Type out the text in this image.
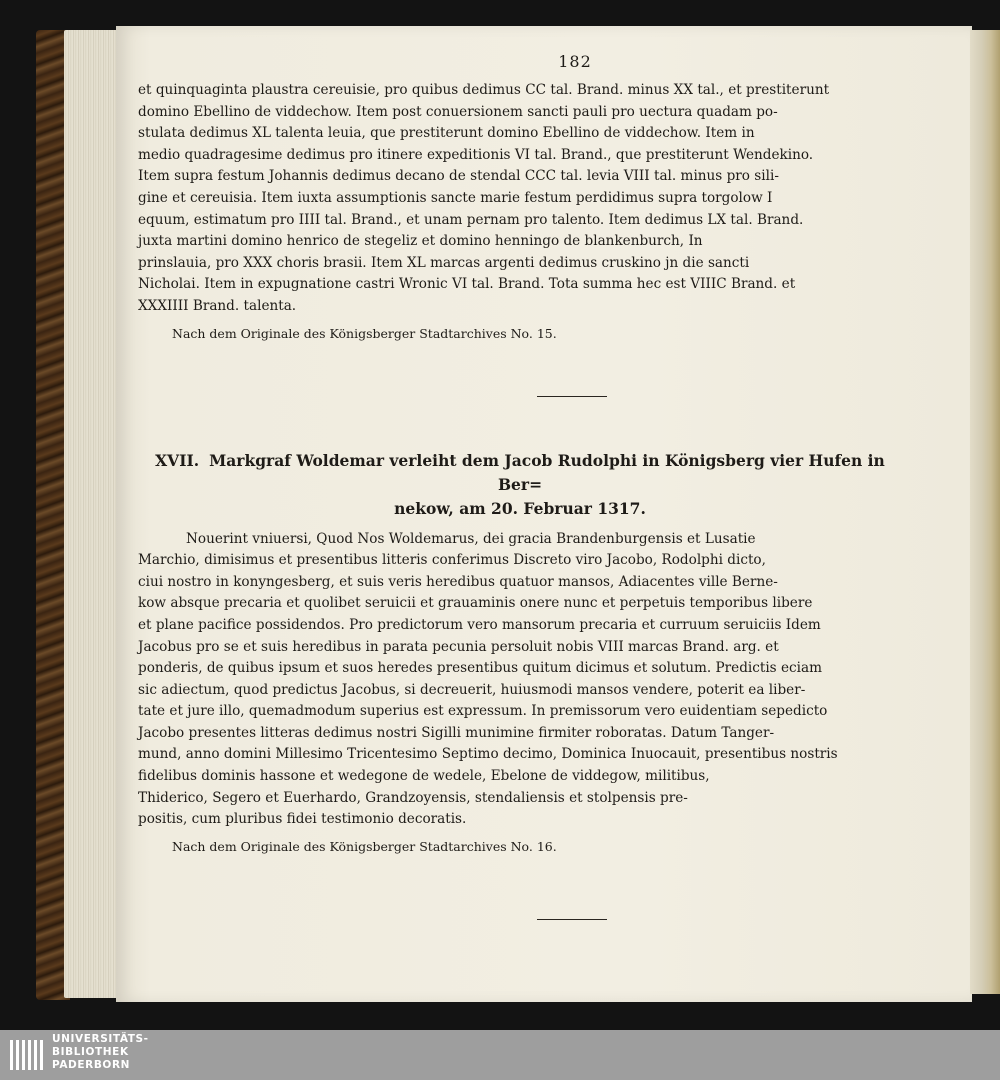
182
et quinquaginta plaustra cereuisie, pro quibus dedimus CC tal. Brand. minus XX tal., et prestiterunt
domino Ebellino de viddechow. Item post conuersionem sancti pauli pro uectura quadam po-
stulata dedimus XL talenta leuia, que prestiterunt domino Ebellino de viddechow. Item in
medio quadragesime dedimus pro itinere expeditionis VI tal. Brand., que prestiterunt Wendekino.
Item supra festum Johannis dedimus decano de stendal CCC tal. levia VIII tal. minus pro sili-
gine et cereuisia. Item iuxta assumptionis sancte marie festum perdidimus supra torgolow I
equum, estimatum pro IIII tal. Brand., et unam pernam pro talento. Item dedimus LX tal. Brand.
juxta martini domino henrico de stegeliz et domino henningo de blankenburch, In
prinslauia, pro XXX choris brasii. Item XL marcas argenti dedimus cruskino jn die sancti
Nicholai. Item in expugnatione castri Wronic VI tal. Brand. Tota summa hec est VIIIC Brand. et
XXXIIII Brand. talenta.
Nach dem Originale des Königsberger Stadtarchives No. 15.
XVII. Markgraf Woldemar verleiht dem Jacob Rudolphi in Königsberg vier Hufen in Ber=
nekow, am 20. Februar 1317.
Nouerint vniuersi, Quod Nos Woldemarus, dei gracia Brandenburgensis et Lusatie
Marchio, dimisimus et presentibus litteris conferimus Discreto viro Jacobo, Rodolphi dicto,
ciui nostro in konyngesberg, et suis veris heredibus quatuor mansos, Adiacentes ville Berne-
kow absque precaria et quolibet seruicii et grauaminis onere nunc et perpetuis temporibus libere
et plane pacifice possidendos. Pro predictorum vero mansorum precaria et curruum seruiciis Idem
Jacobus pro se et suis heredibus in parata pecunia persoluit nobis VIII marcas Brand. arg. et
ponderis, de quibus ipsum et suos heredes presentibus quitum dicimus et solutum. Predictis eciam
sic adiectum, quod predictus Jacobus, si decreuerit, huiusmodi mansos vendere, poterit ea liber-
tate et jure illo, quemadmodum superius est expressum. In premissorum vero euidentiam sepedicto
Jacobo presentes litteras dedimus nostri Sigilli munimine firmiter roboratas. Datum Tanger-
mund, anno domini Millesimo Tricentesimo Septimo decimo, Dominica Inuocauit, presentibus nostris
fidelibus dominis hassone et wedegone de wedele, Ebelone de viddegow, militibus,
Thiderico, Segero et Euerhardo, Grandzoyensis, stendaliensis et stolpensis pre-
positis, cum pluribus fidei testimonio decoratis.
Nach dem Originale des Königsberger Stadtarchives No. 16.
UNIVERSITÄTS-
BIBLIOTHEK
PADERBORN
